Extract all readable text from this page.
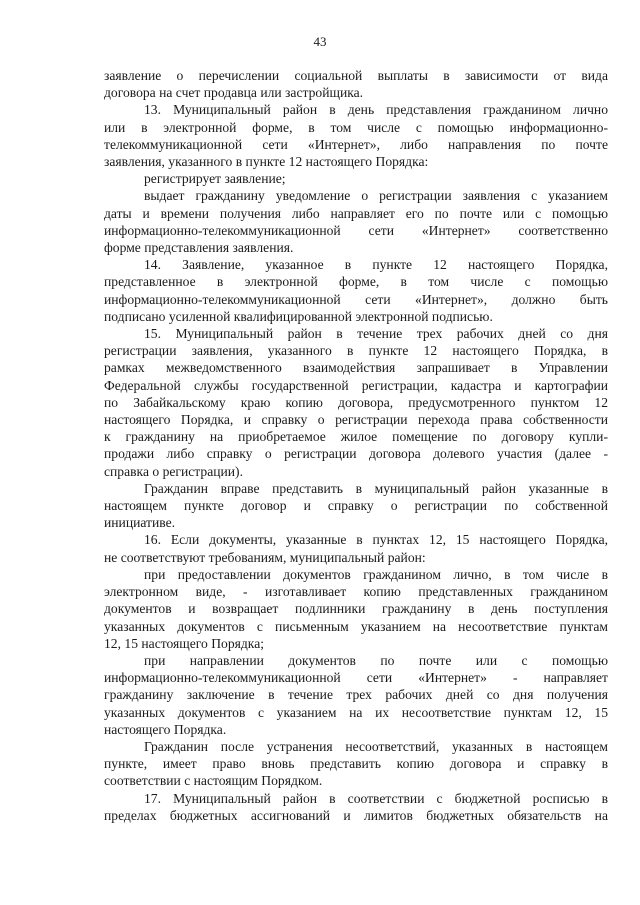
43

заявление о перечислении социальной выплаты в зависимости от вида

договора на счет продавца или застройщика.

13. Муниципальный район в день представления гражданином лично

или в электронной форме, в том числе с помощью информационно-

телекоммуникационной сети «Интернет», либо направления по почте

заявления, указанного в пункте 12 настоящего Порядка:

регистрирует заявление;

выдает гражданину уведомление о регистрации заявления с указанием

даты и времени получения либо направляет его по почте или с помощью

информационно-телекоммуникационной сети «Интернет» соответственно

форме представления заявления.

14. Заявление, указанное в пункте 12 настоящего Порядка,

представленное в электронной форме, в том числе с помощью

информационно-телекоммуникационной сети «Интернет», должно быть

подписано усиленной квалифицированной электронной подписью.

15. Муниципальный район в течение трех рабочих дней со дня

регистрации заявления, указанного в пункте 12 настоящего Порядка, в

рамках межведомственного взаимодействия запрашивает в Управлении

Федеральной службы государственной регистрации, кадастра и картографии

по Забайкальскому краю копию договора, предусмотренного пунктом 12

настоящего Порядка, и справку о регистрации перехода права собственности

к гражданину на приобретаемое жилое помещение по договору купли-

продажи либо справку о регистрации договора долевого участия (далее -

справка о регистрации).

Гражданин вправе представить в муниципальный район указанные в

настоящем пункте договор и справку о регистрации по собственной

инициативе.

16. Если документы, указанные в пунктах 12, 15 настоящего Порядка,

не соответствуют требованиям, муниципальный район:

при предоставлении документов гражданином лично, в том числе в

электронном виде, - изготавливает копию представленных гражданином

документов и возвращает подлинники гражданину в день поступления

указанных документов с письменным указанием на несоответствие пунктам

12, 15 настоящего Порядка;

при направлении документов по почте или с помощью

информационно-телекоммуникационной сети «Интернет» - направляет

гражданину заключение в течение трех рабочих дней со дня получения

указанных документов с указанием на их несоответствие пунктам 12, 15

настоящего Порядка.

Гражданин после устранения несоответствий, указанных в настоящем

пункте, имеет право вновь представить копию договора и справку в

соответствии с настоящим Порядком.

17. Муниципальный район в соответствии с бюджетной росписью в

пределах бюджетных ассигнований и лимитов бюджетных обязательств на
